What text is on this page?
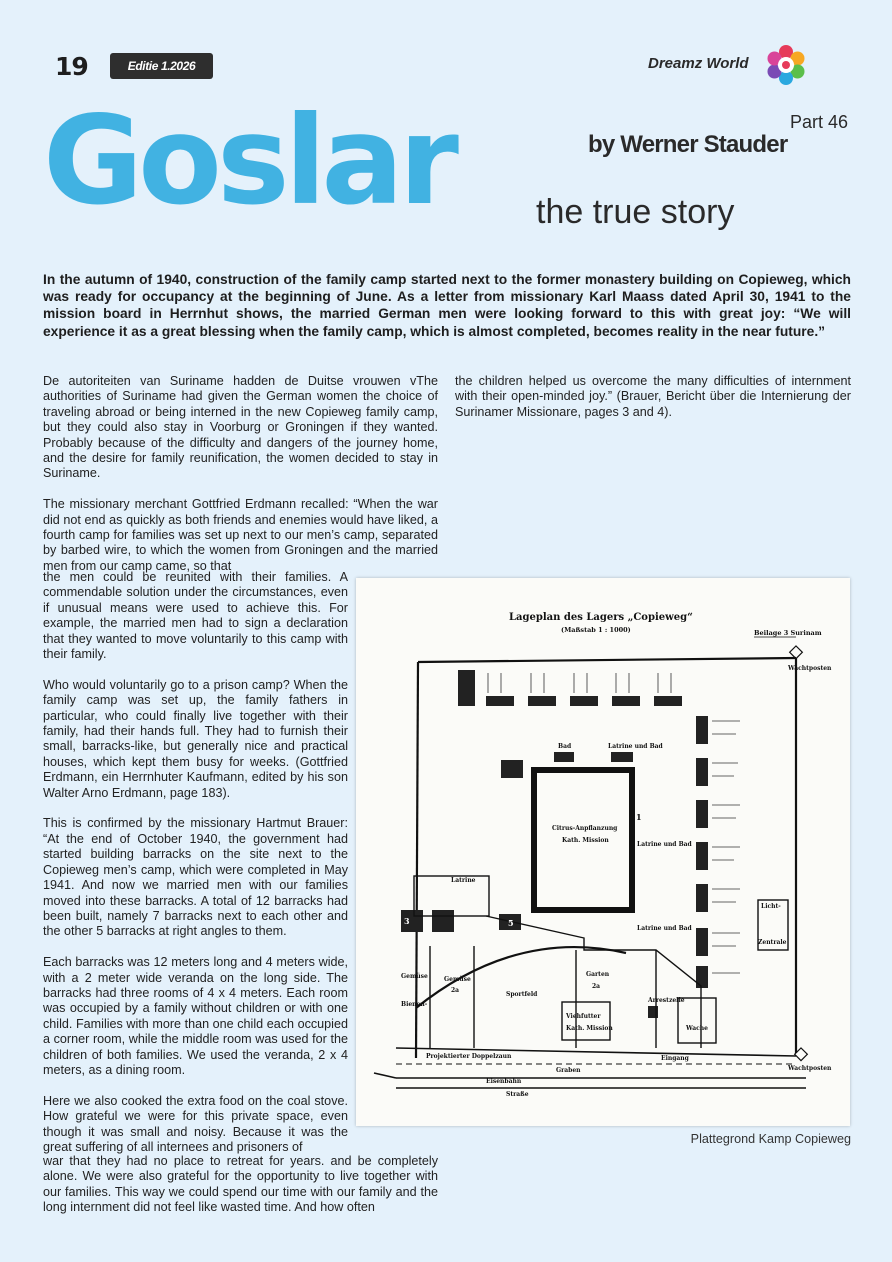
19	Editie 1.2026	Dreamz World
Goslar	Part 46
by Werner Stauder
the true story
In the autumn of 1940, construction of the family camp started next to the former monastery building on Copieweg, which was ready for occupancy at the beginning of June. As a letter from missionary Karl Maass dated April 30, 1941 to the mission board in Herrnhut shows, the married German men were looking forward to this with great joy: “We will experience it as a great blessing when the family camp, which is almost completed, becomes reality in the near future.”

De autoriteiten van Suriname hadden de Duitse vrouwen vThe authorities of Suriname had given the German women the choice of traveling abroad or being interned in the new Copieweg family camp, but they could also stay in Voorburg or Groningen if they wanted. Probably because of the difficulty and dangers of the journey home, and the desire for family reunification, the women decided to stay in Suriname.

The missionary merchant Gottfried Erdmann recalled: “When the war did not end as quickly as both friends and enemies would have liked, a fourth camp for families was set up next to our men’s camp, separated by barbed wire, to which the women from Groningen and the married men from our camp came, so that

the men could be reunited with their families. A commendable solution under the circumstances, even if unusual means were used to achieve this. For example, the married men had to sign a declaration that they wanted to move voluntarily to this camp with their family.

Who would voluntarily go to a prison camp? When the family camp was set up, the family fathers in particular, who could finally live together with their family, had their hands full. They had to furnish their small, barracks-like, but generally nice and practical houses, which kept them busy for weeks. (Gottfried Erdmann, ein Herrnhuter Kaufmann, edited by his son Walter Arno Erdmann, page 183).

This is confirmed by the missionary Hartmut Brauer: “At the end of October 1940, the government had started building barracks on the site next to the Copieweg men’s camp, which were completed in May 1941. And now we married men with our families moved into these barracks. A total of 12 barracks had been built, namely 7 barracks next to each other and the other 5 barracks at right angles to them.

Each barracks was 12 meters long and 4 meters wide, with a 2 meter wide veranda on the long side. The barracks had three rooms of 4 x 4 meters. Each room was occupied by a family without children or with one child. Families with more than one child each occupied a corner room, while the middle room was used for the children of both families. We used the veranda, 2 x 4 meters, as a dining room.

Here we also cooked the extra food on the coal stove. How grateful we were for this private space, even though it was small and noisy. Because it was the great suffering of all internees and prisoners of

war that they had no place to retreat for years. and be completely alone. We were also grateful for the opportunity to live together with our families. This way we could spend our time with our family and the long internment did not feel like wasted time. And how often

the children helped us overcome the many difficulties of internment with their open-minded joy.” (Brauer, Bericht über die Internierung der Surinamer Missionare, pages 3 and 4).

Lageplan des Lagers „Copieweg“
(Maßstab 1 : 1000)	Beilage 3 Surinam
Wachtposten
Wachtposten
Bad	Latrine und Bad
Latrine und Bad
Latrine und Bad
Citrus-Anpflanzung
Kath. Mission
Latrine
Licht-
Zentrale
Gemüse
Bienen-
Gemüse
2a
Sportfeld
Garten
2a
Viehfutter
Kath. Mission
Arrestzelle
Wache
Projektierter Doppelzaun
Graben
Eingang
Eisenbahn
Straße
3	5
1
Plattegrond Kamp Copieweg
